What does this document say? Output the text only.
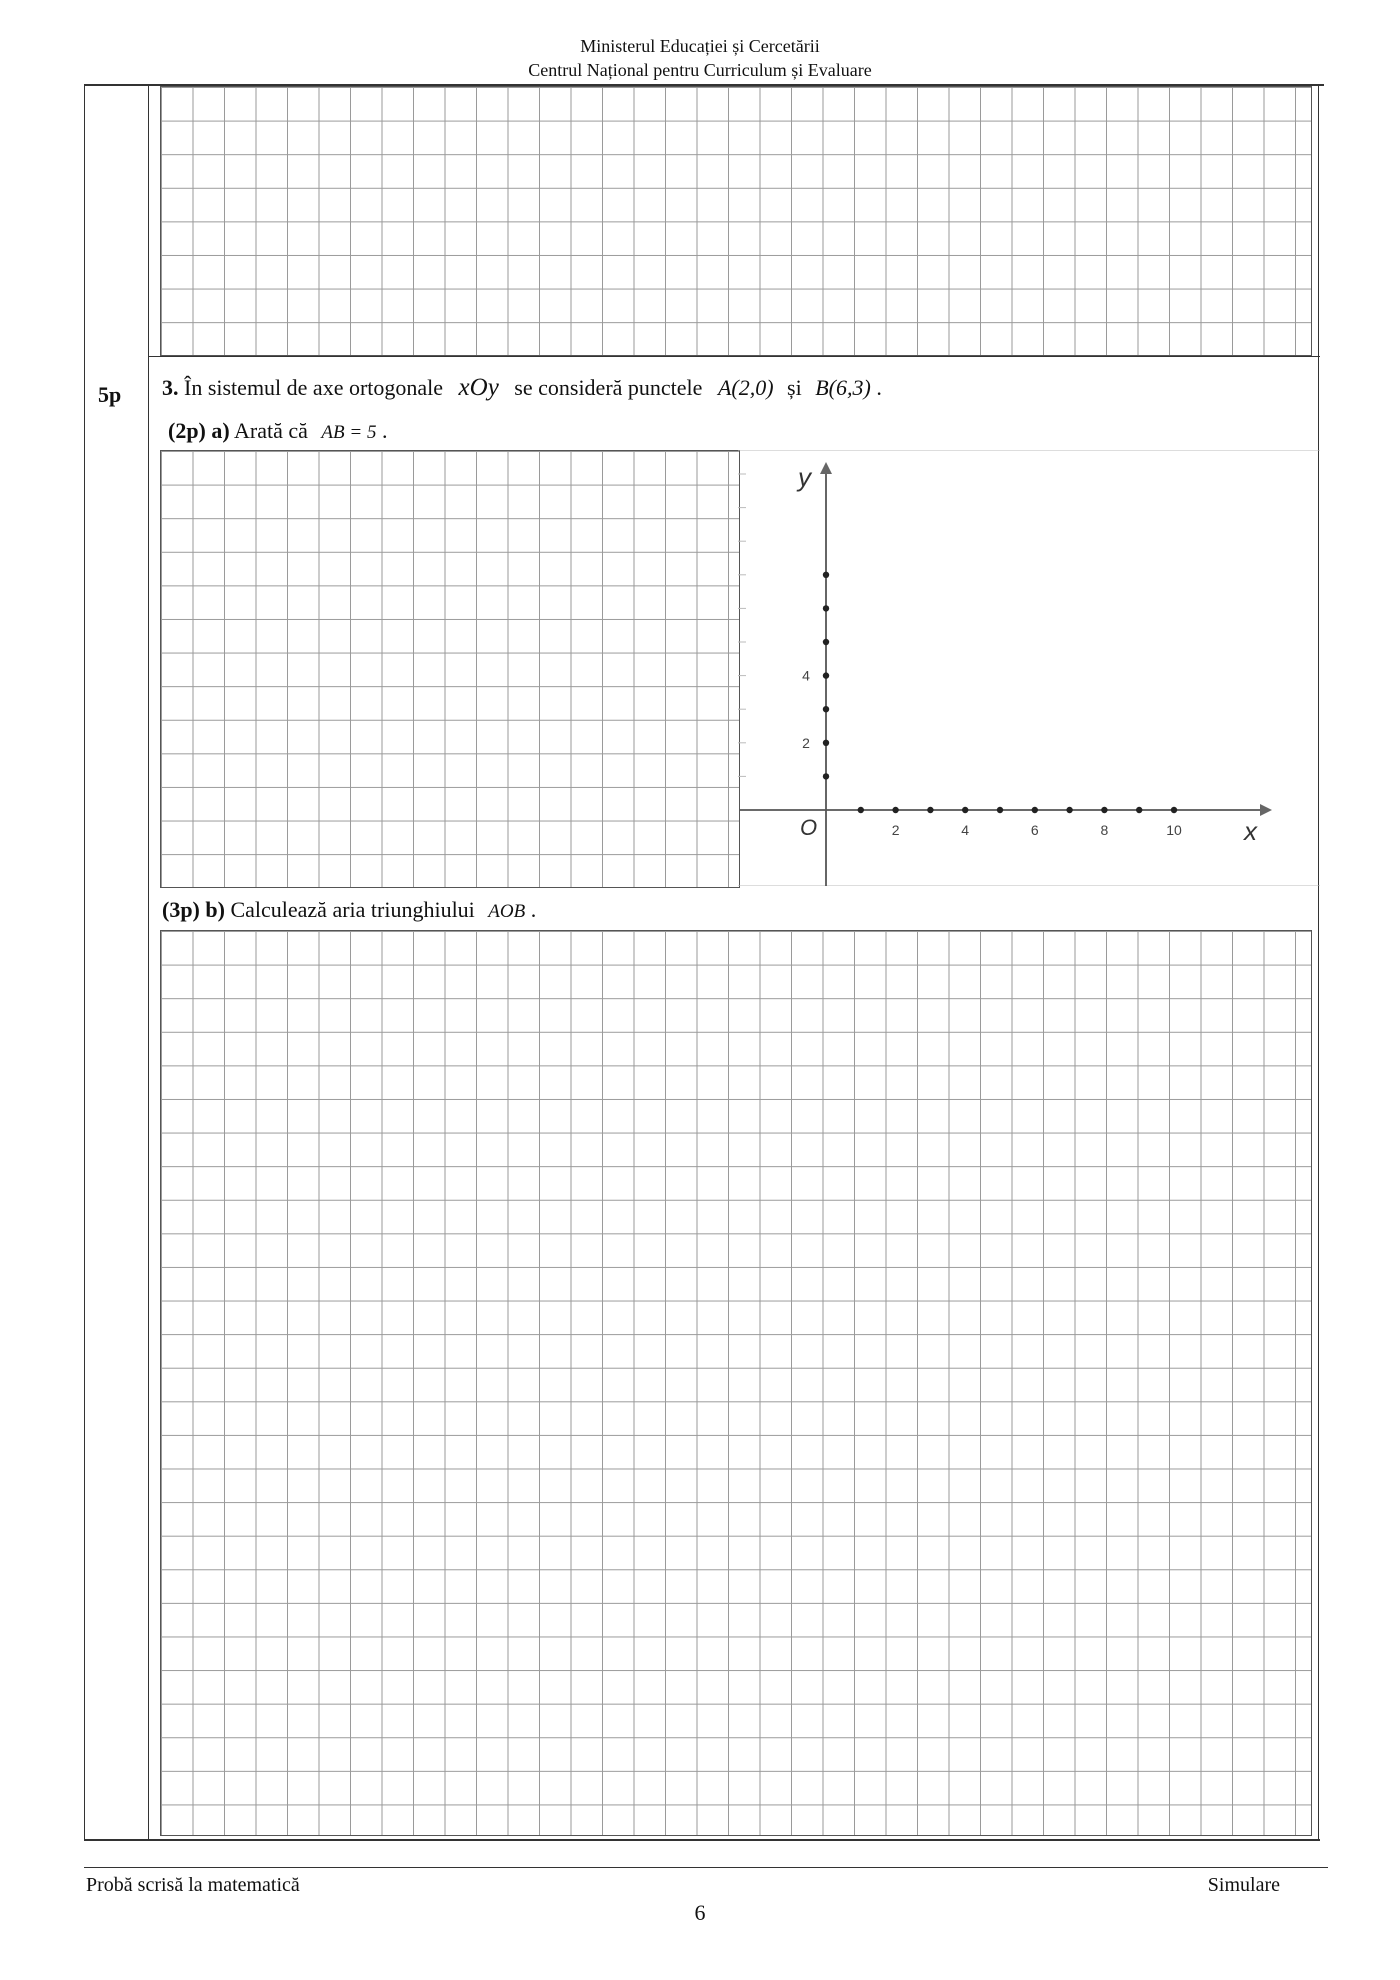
Ministerul Educației și Cercetării
Centrul Național pentru Curriculum și Evaluare
5p 3. În sistemul de axe ortogonale xOy se consideră punctele A(2,0) și B(6,3) .
(2p) a) Arată că AB = 5 .
2	4	6	8	10
2
4
O	x
y
(3p) b) Calculează aria triunghiului AOB .
Probă scrisă la matematică	Simulare
6
